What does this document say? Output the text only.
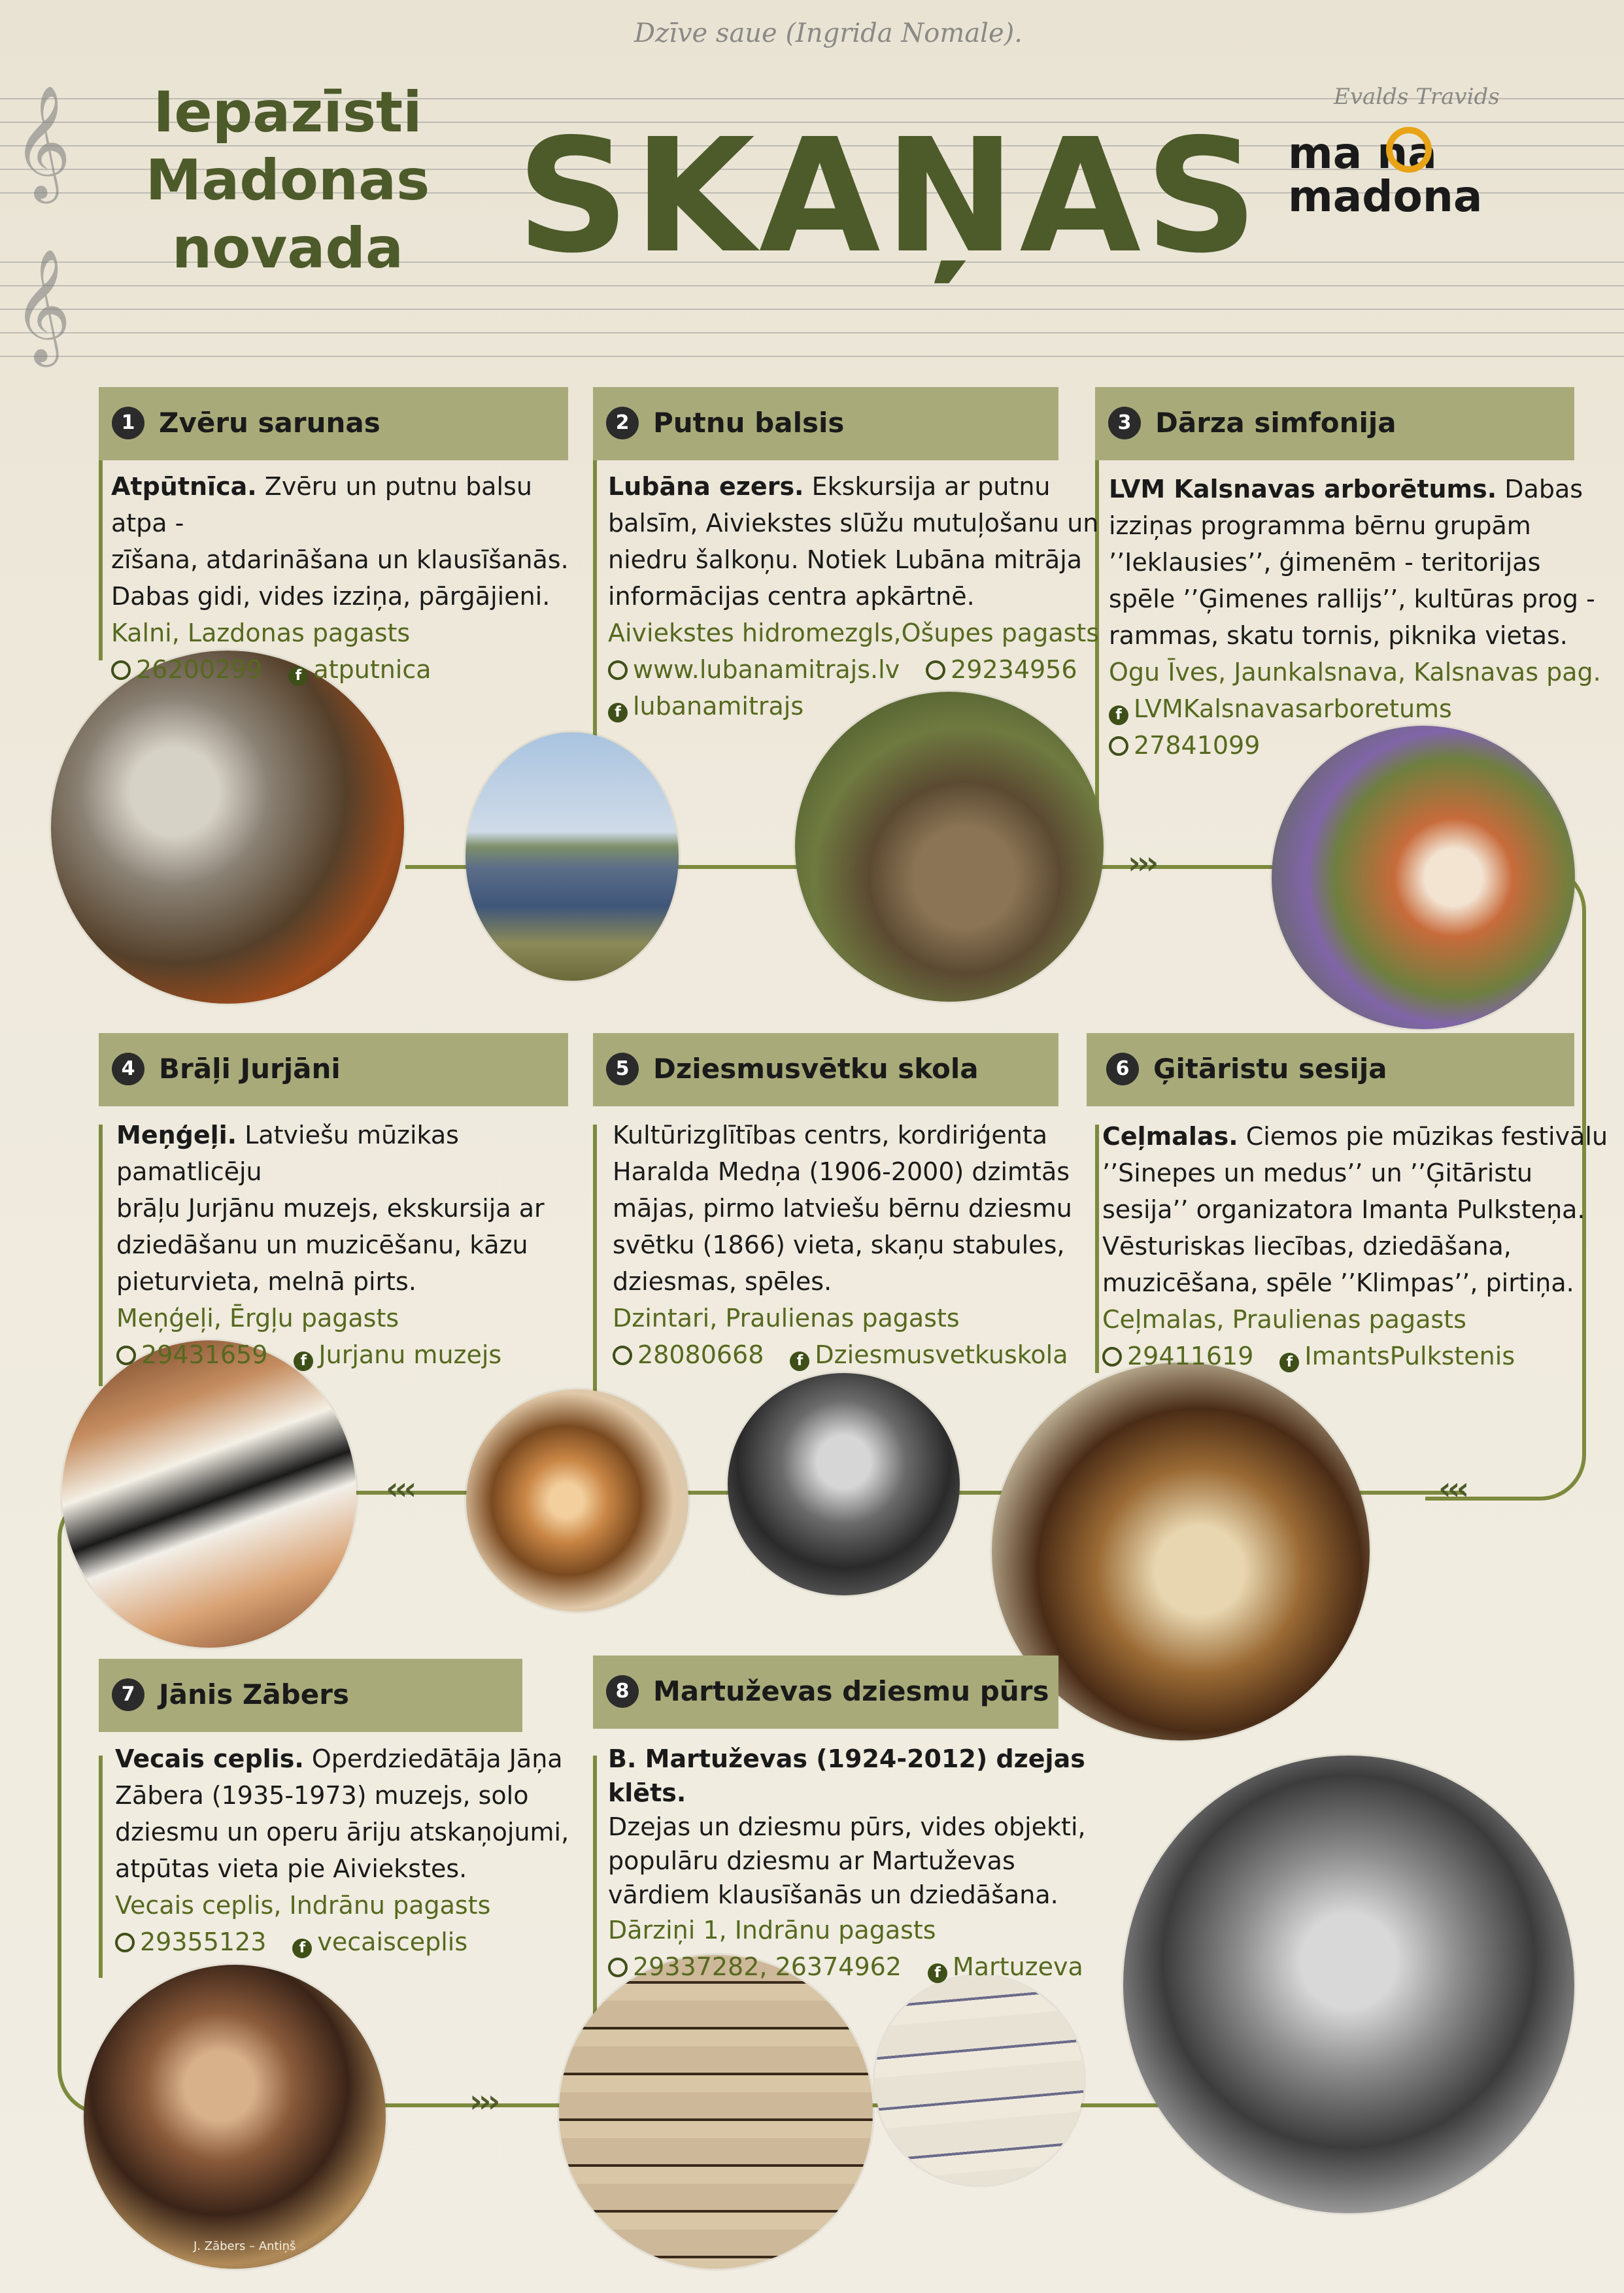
𝄞
𝄞
Dzīve saue (Ingrida Nomale).
Evalds Travids
Iepazīsti
Madonas
novada SKAŅAS ma na
madona
›››
‹‹‹
‹‹‹
›››
J. Zābers – Antiņš
1 Zvēru sarunas
Atpūtnīca. Zvēru un putnu balsu atpa -
zīšana, atdarināšana un klausīšanās.
Dabas gidi, vides izziņa, pārgājieni.
Kalni, Lazdonas pagasts
26200299 f atputnica
2 Putnu balsis
Lubāna ezers. Ekskursija ar putnu
balsīm, Aiviekstes slūžu mutuļošanu un
niedru šalkoņu. Notiek Lubāna mitrāja
informācijas centra apkārtnē.
Aiviekstes hidromezgls,Ošupes pagasts
www.lubanamitrajs.lv 29234956
f lubanamitrajs
3 Dārza simfonija
LVM Kalsnavas arborētums. Dabas
izziņas programma bērnu grupām
’’Ieklausies’’, ģimenēm - teritorijas
spēle ’’Ģimenes rallijs’’, kultūras prog -
rammas, skatu tornis, piknika vietas.
Ogu Īves, Jaunkalsnava, Kalsnavas pag.
f LVMKalsnavasarboretums
27841099
4 Brāļi Jurjāni
Meņģeļi. Latviešu mūzikas pamatlicēju
brāļu Jurjānu muzejs, ekskursija ar
dziedāšanu un muzicēšanu, kāzu
pieturvieta, melnā pirts.
Meņģeļi, Ērgļu pagasts
29431659 f Jurjanu muzejs
5 Dziesmusvētku skola
Kultūrizglītības centrs, kordiriģenta
Haralda Medņa (1906-2000) dzimtās
mājas, pirmo latviešu bērnu dziesmu
svētku (1866) vieta, skaņu stabules,
dziesmas, spēles.
Dzintari, Praulienas pagasts
28080668 f Dziesmusvetkuskola
6 Ģitāristu sesija
Ceļmalas. Ciemos pie mūzikas festivālu
’’Sinepes un medus’’ un ’’Ģitāristu
sesija’’ organizatora Imanta Pulksteņa.
Vēsturiskas liecības, dziedāšana,
muzicēšana, spēle ’’Klimpas’’, pirtiņa.
Ceļmalas, Praulienas pagasts
29411619 f ImantsPulkstenis
7 Jānis Zābers
Vecais ceplis. Operdziedātāja Jāņa
Zābera (1935-1973) muzejs, solo
dziesmu un operu āriju atskaņojumi,
atpūtas vieta pie Aiviekstes.
Vecais ceplis, Indrānu pagasts
29355123 f vecaisceplis
8 Martuževas dziesmu pūrs
B. Martuževas (1924-2012) dzejas klēts.
Dzejas un dziesmu pūrs, vides objekti,
populāru dziesmu ar Martuževas
vārdiem klausīšanās un dziedāšana.
Dārziņi 1, Indrānu pagasts
29337282, 26374962 f Martuzeva
